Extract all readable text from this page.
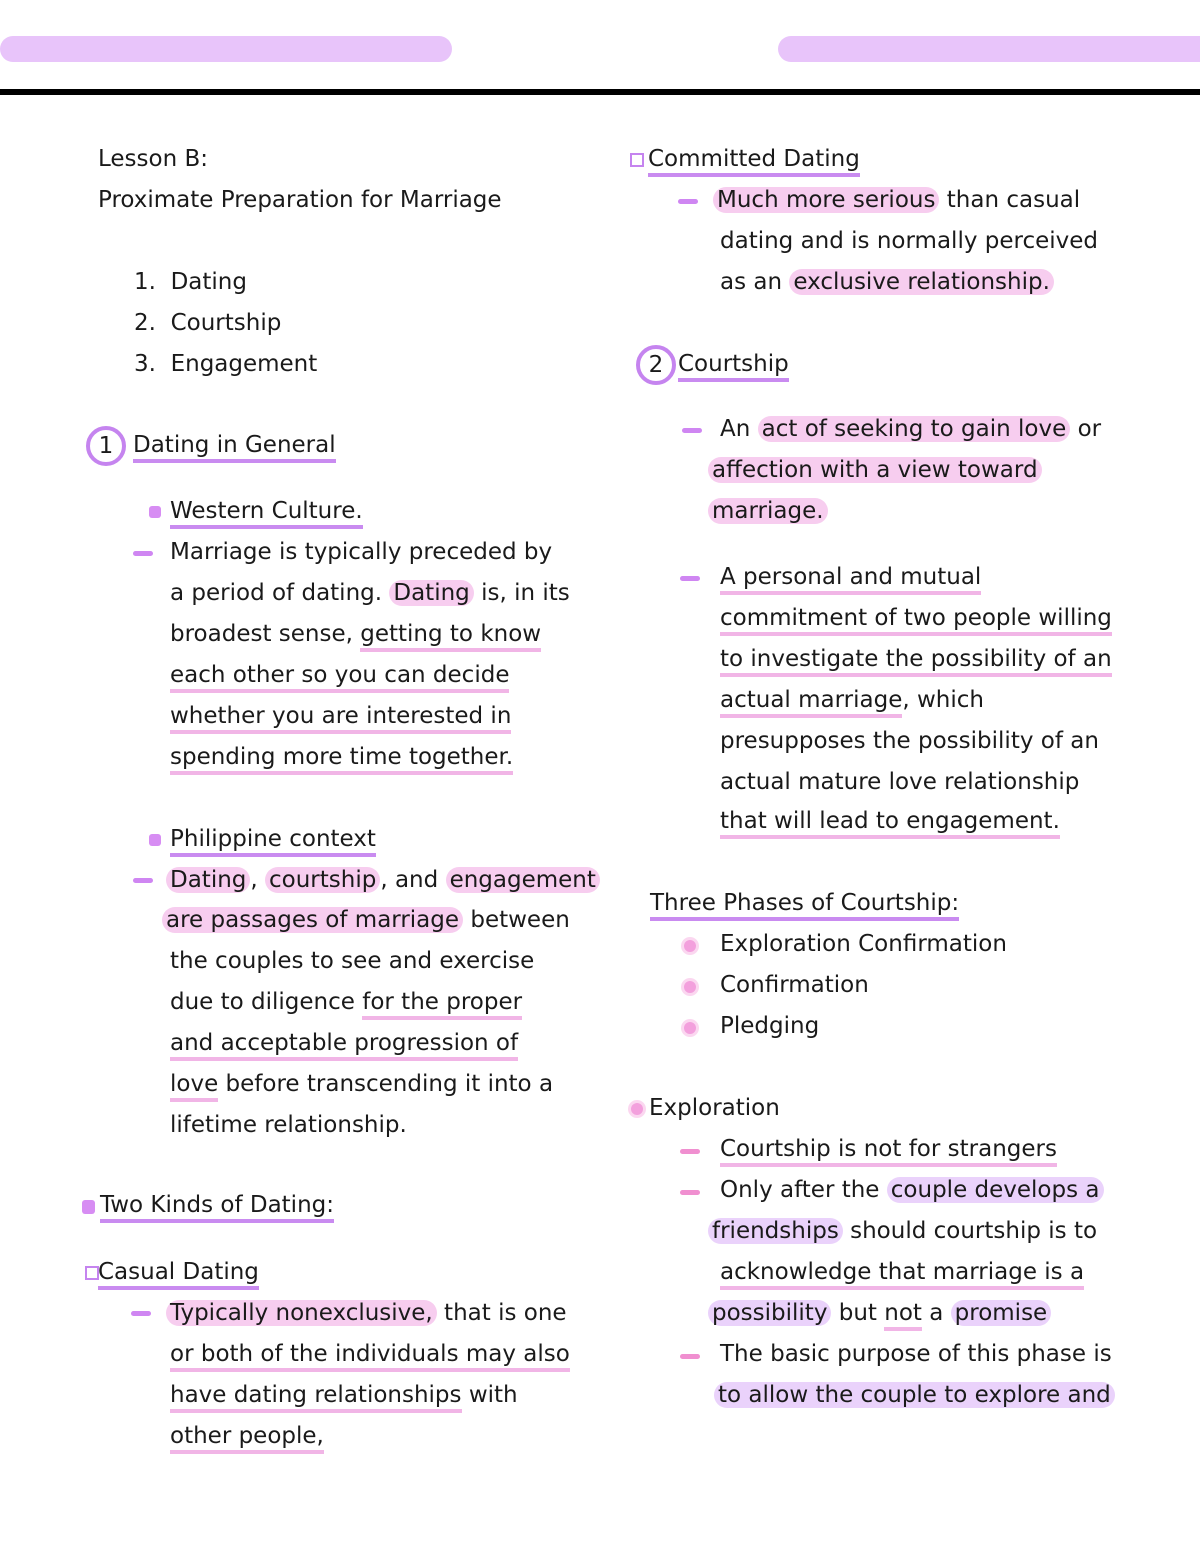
Lesson B:
Proximate Preparation for Marriage
1.  Dating
2.  Courtship
3.  Engagement
1 Dating in General
Western Culture.
Marriage is typically preceded by
a period of dating. Dating is, in its
broadest sense, getting to know
each other so you can decide
whether you are interested in
spending more time together.
Philippine context
Dating , courtship , and engagement
are passages of marriage between
the couples to see and exercise
due to diligence for the proper
and acceptable progression of
love before transcending it into a
lifetime relationship.
Two Kinds of Dating:
Casual Dating
Typically nonexclusive, that is one
or both of the individuals may also
have dating relationships with
other people,
Committed Dating
Much more serious than casual
dating and is normally perceived
as an exclusive relationship.
2 Courtship
An act of seeking to gain love or
affection with a view toward
marriage.
A personal and mutual
commitment of two people willing
to investigate the possibility of an
actual marriage, which
presupposes the possibility of an
actual mature love relationship
that will lead to engagement.
Three Phases of Courtship:
Exploration Confirmation
Confirmation
Pledging
Exploration
Courtship is not for strangers
Only after the couple develops a
friendships should courtship is to
acknowledge that marriage is a
possibility but not a promise
The basic purpose of this phase is
to allow the couple to explore and
